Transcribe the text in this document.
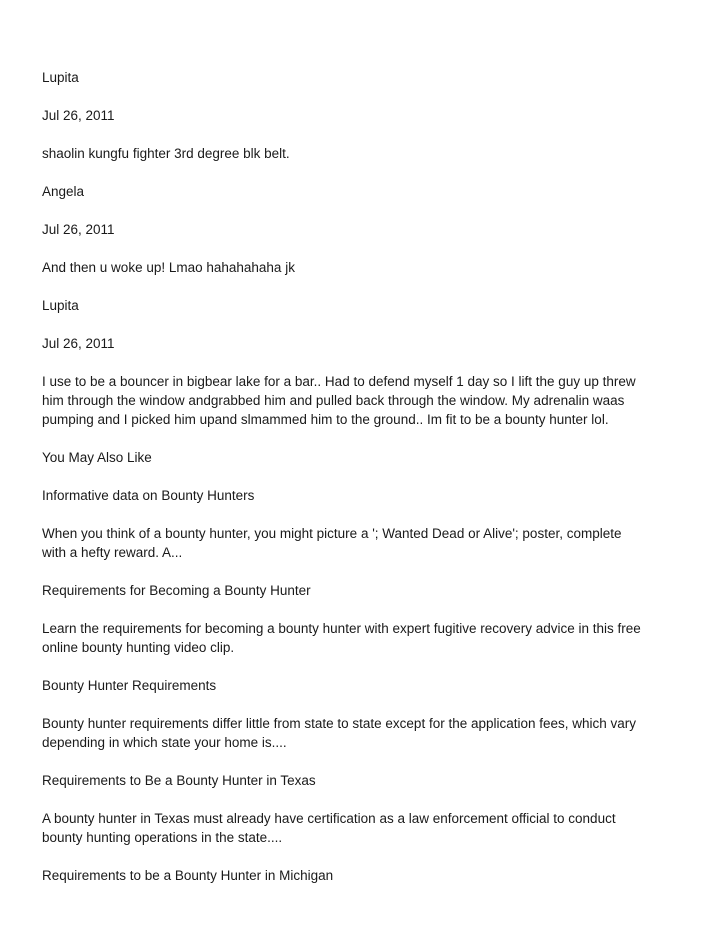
Lupita

Jul 26, 2011

shaolin kungfu fighter 3rd degree blk belt.

Angela

Jul 26, 2011

And then u woke up! Lmao hahahahaha jk

Lupita

Jul 26, 2011

I use to be a bouncer in bigbear lake for a bar.. Had to defend myself 1 day so I lift the guy up threw

him through the window andgrabbed him and pulled back through the window. My adrenalin waas

pumping and I picked him upand slmammed him to the ground.. Im fit to be a bounty hunter lol.

You May Also Like

Informative data on Bounty Hunters

When you think of a bounty hunter, you might picture a '; Wanted Dead or Alive'; poster, complete

with a hefty reward. A...

Requirements for Becoming a Bounty Hunter

Learn the requirements for becoming a bounty hunter with expert fugitive recovery advice in this free

online bounty hunting video clip.

Bounty Hunter Requirements

Bounty hunter requirements differ little from state to state except for the application fees, which vary

depending in which state your home is....

Requirements to Be a Bounty Hunter in Texas

A bounty hunter in Texas must already have certification as a law enforcement official to conduct

bounty hunting operations in the state....

Requirements to be a Bounty Hunter in Michigan
